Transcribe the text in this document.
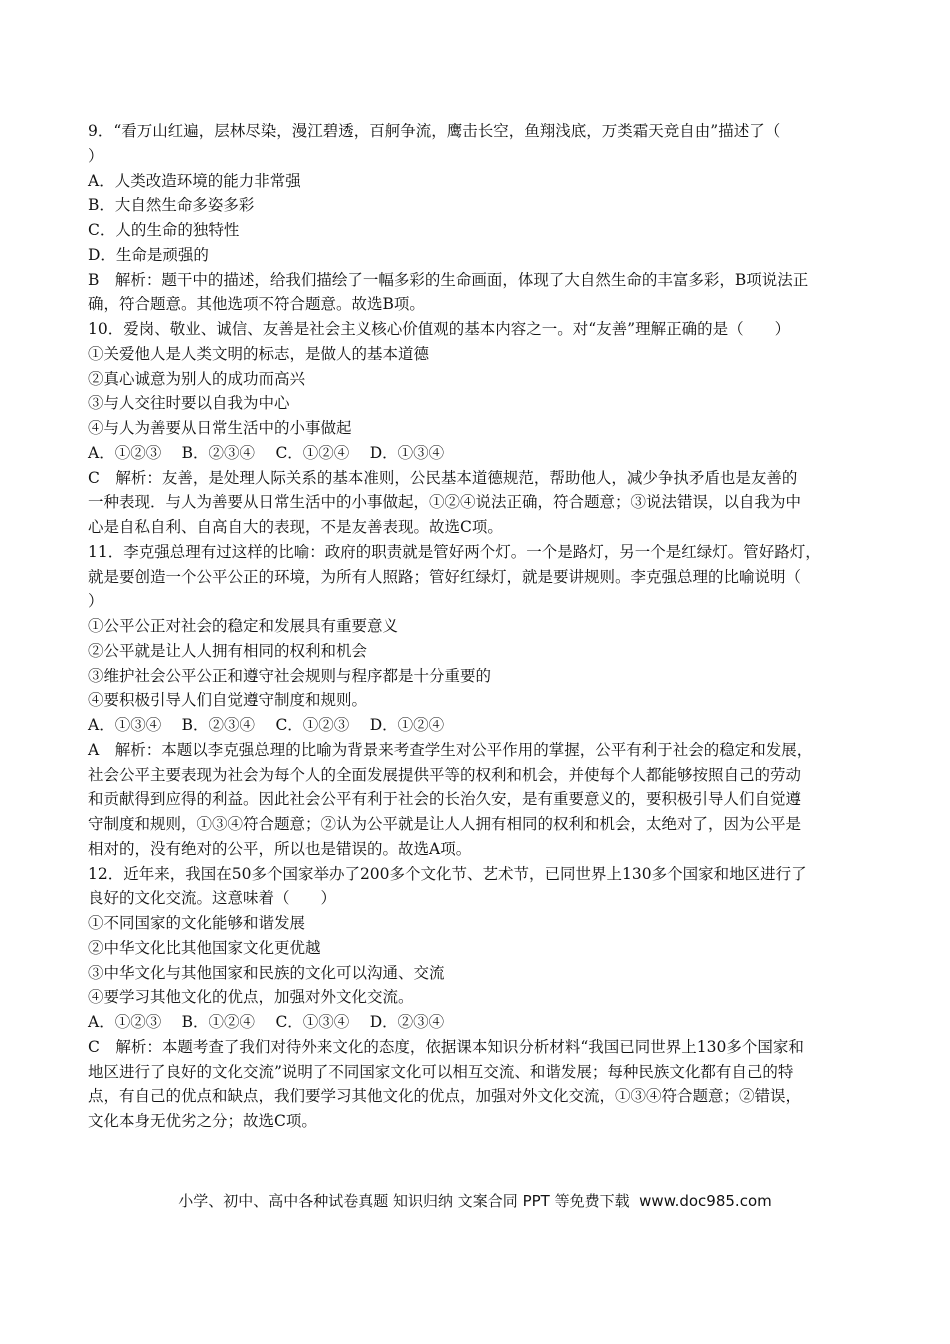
9．“看万山红遍，层林尽染，漫江碧透，百舸争流，鹰击长空，鱼翔浅底，万类霜天竞自由”描述了（
）
A．人类改造环境的能力非常强
B．大自然生命多姿多彩
C．人的生命的独特性
D．生命是顽强的
B　解析：题干中的描述，给我们描绘了一幅多彩的生命画面，体现了大自然生命的丰富多彩，B项说法正
确，符合题意。其他选项不符合题意。故选B项。
10．爱岗、敬业、诚信、友善是社会主义核心价值观的基本内容之一。对“友善”理解正确的是（　　）
①关爱他人是人类文明的标志，是做人的基本道德
②真心诚意为别人的成功而高兴
③与人交往时要以自我为中心
④与人为善要从日常生活中的小事做起
A．①②③　 B．②③④　 C．①②④　 D．①③④
C　解析：友善，是处理人际关系的基本准则，公民基本道德规范，帮助他人，减少争执矛盾也是友善的
一种表现．与人为善要从日常生活中的小事做起，①②④说法正确，符合题意；③说法错误，以自我为中
心是自私自利、自高自大的表现，不是友善表现。故选C项。
11．李克强总理有过这样的比喻：政府的职责就是管好两个灯。一个是路灯，另一个是红绿灯。管好路灯，
就是要创造一个公平公正的环境，为所有人照路；管好红绿灯，就是要讲规则。李克强总理的比喻说明（
）
①公平公正对社会的稳定和发展具有重要意义
②公平就是让人人拥有相同的权利和机会
③维护社会公平公正和遵守社会规则与程序都是十分重要的
④要积极引导人们自觉遵守制度和规则。
A．①③④　 B．②③④　 C．①②③　 D．①②④
A　解析：本题以李克强总理的比喻为背景来考查学生对公平作用的掌握，公平有利于社会的稳定和发展，
社会公平主要表现为社会为每个人的全面发展提供平等的权利和机会，并使每个人都能够按照自己的劳动
和贡献得到应得的利益。因此社会公平有利于社会的长治久安，是有重要意义的，要积极引导人们自觉遵
守制度和规则，①③④符合题意；②认为公平就是让人人拥有相同的权利和机会，太绝对了，因为公平是
相对的，没有绝对的公平，所以也是错误的。故选A项。
12．近年来，我国在50多个国家举办了200多个文化节、艺术节，已同世界上130多个国家和地区进行了
良好的文化交流。这意味着（　　）
①不同国家的文化能够和谐发展
②中华文化比其他国家文化更优越
③中华文化与其他国家和民族的文化可以沟通、交流
④要学习其他文化的优点，加强对外文化交流。
A．①②③　 B．①②④　 C．①③④　 D．②③④
C　解析：本题考查了我们对待外来文化的态度，依据课本知识分析材料“我国已同世界上130多个国家和
地区进行了良好的文化交流”说明了不同国家文化可以相互交流、和谐发展；每种民族文化都有自己的特
点，有自己的优点和缺点，我们要学习其他文化的优点，加强对外文化交流，①③④符合题意；②错误，
文化本身无优劣之分；故选C项。
小学、初中、高中各种试卷真题 知识归纳 文案合同 PPT 等免费下载 www.doc985.com
